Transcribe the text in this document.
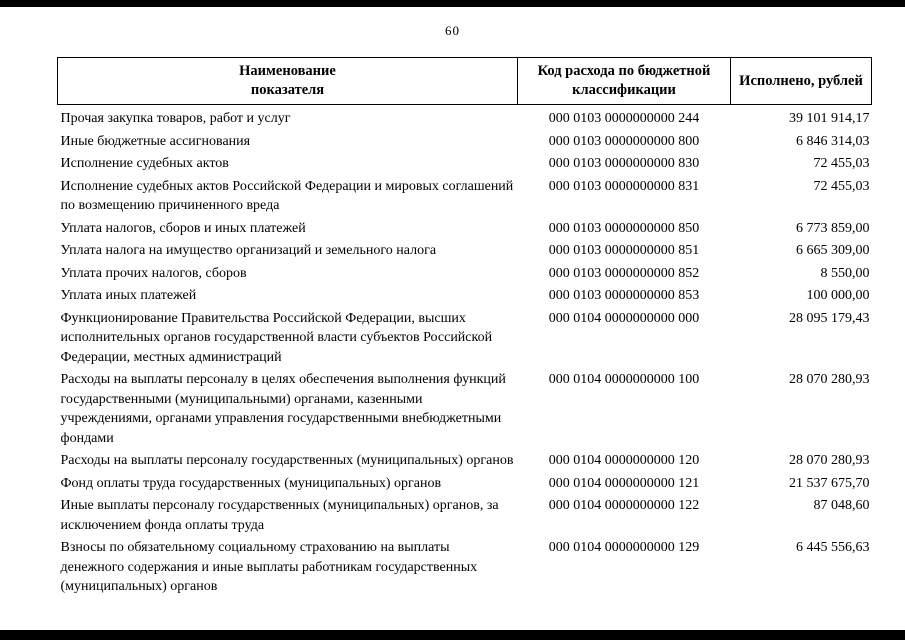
60
Наименование показателя	Код расхода по бюджетной классификации	Исполнено, рублей
Прочая закупка товаров, работ и услуг	000 0103 0000000000 244	39 101 914,17
Иные бюджетные ассигнования	000 0103 0000000000 800	6 846 314,03
Исполнение судебных актов	000 0103 0000000000 830	72 455,03
Исполнение судебных актов Российской Федерации и мировых соглашений по возмещению причиненного вреда	000 0103 0000000000 831	72 455,03
Уплата налогов, сборов и иных платежей	000 0103 0000000000 850	6 773 859,00
Уплата налога на имущество организаций и земельного налога	000 0103 0000000000 851	6 665 309,00
Уплата прочих налогов, сборов	000 0103 0000000000 852	8 550,00
Уплата иных платежей	000 0103 0000000000 853	100 000,00
Функционирование Правительства Российской Федерации, высших исполнительных органов государственной власти субъектов Российской Федерации, местных администраций	000 0104 0000000000 000	28 095 179,43
Расходы на выплаты персоналу в целях обеспечения выполнения функций государственными (муниципальными) органами, казенными учреждениями, органами управления государственными внебюджетными фондами	000 0104 0000000000 100	28 070 280,93
Расходы на выплаты персоналу государственных (муниципальных) органов	000 0104 0000000000 120	28 070 280,93
Фонд оплаты труда государственных (муниципальных) органов	000 0104 0000000000 121	21 537 675,70
Иные выплаты персоналу государственных (муниципальных) органов, за исключением фонда оплаты труда	000 0104 0000000000 122	87 048,60
Взносы по обязательному социальному страхованию на выплаты денежного содержания и иные выплаты работникам государственных (муниципальных) органов	000 0104 0000000000 129	6 445 556,63
